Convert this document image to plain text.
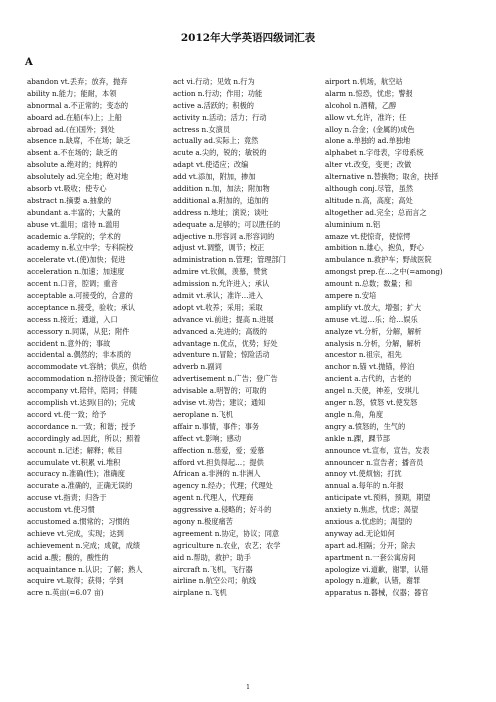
2012年大学英语四级词汇表
A
abandon vt.丢弃；放弃，抛弃
ability n.能力；能耐，本领
abnormal a.不正常的；变态的
aboard ad.在船(车)上；上船
abroad ad.(在)国外；到处
absence n.缺席，不在场；缺乏
absent a.不在场的；缺乏的
absolute a.绝对的；纯粹的
absolutely ad.完全地；绝对地
absorb vt.吸收；使专心
abstract n.摘要 a.抽象的
abundant a.丰富的；大量的
abuse vt.滥用；虐待 n.滥用
academic a.学院的；学术的
academy n.私立中学；专科院校
accelerate vt.(使)加快；促进
acceleration n.加速；加速度
accent n.口音，腔调；重音
acceptable a.可接受的，合意的
acceptance n.接受，验收；承认
access n.接近；通道，入口
accessory n.同谋，从犯；附件
accident n.意外的；事故
accidental a.偶然的；非本质的
accommodate vt.容纳；供应，供给
accommodation n.招待设备；预定铺位
accompany vt.陪伴，陪同；伴随
accomplish vt.达到(目的)；完成
accord vt.使一致；给予
accordance n.一致；和谐；授予
accordingly ad.因此，所以；照着
account n.记述；解释；帐目
accumulate vt.积累 vi.堆积
accuracy n.准确(性)；准确度
accurate a.准确的，正确无误的
accuse vt.指责；归咎于
accustom vt.使习惯
accustomed a.惯常的；习惯的
achieve vt.完成，实现；达到
achievement n.完成；成就，成绩
acid a.酸；酸的，酸性的
acquaintance n.认识；了解；熟人
acquire vt.取得；获得；学到
acre n.英亩(=6.07 亩)
act vi.行动；见效 n.行为
action n.行动；作用；功能
active a.活跃的；积极的
activity n.活动；活力；行动
actress n.女演员
actually ad.实际上；竟然
acute a.尖的，锐的；敏锐的
adapt vt.使适应；改编
add vt.添加，附加，掺加
addition n.加，加法；附加物
additional a.附加的，追加的
address n.地址；演说；谈吐
adequate a.足够的；可以胜任的
adjective n.形容词 a.形容词的
adjust vt.调整，调节；校正
administration n.管理；管理部门
admire vt.钦佩，羡慕，赞赏
admission n.允许进入；承认
admit vt.承认；准许…进入
adopt vt.收养；采用；采取
advance vi.前进；提高 n.进展
advanced a.先进的；高级的
advantage n.优点，优势；好处
adventure n.冒险；惊险活动
adverb n.副词
advertisement n.广告；登广告
advisable a.明智的；可取的
advise vt.劝告；建议；通知
aeroplane n.飞机
affair n.事情，事件；事务
affect vt.影响；感动
affection n.慈爱，爱；爱慕
afford vt.担负得起…；提供
African a.非洲的 n.非洲人
agency n.经办；代理；代理处
agent n.代理人，代理商
aggressive a.侵略的；好斗的
agony n.极度痛苦
agreement n.协定，协议；同意
agriculture n.农业，农艺；农学
aid n.帮助，救护；助手
aircraft n.飞机，飞行器
airline n.航空公司；航线
airplane n.飞机
airport n.机场，航空站
alarm n.惊恐，忧虑；警报
alcohol n.酒精，乙醇
allow vt.允许，准许；任
alloy n.合金；(金属的)成色
alone a.单独的 ad.单独地
alphabet n.字母表，字母系统
alter vt.改变，变更；改做
alternative n.替换物；取舍，抉择
although conj.尽管，虽然
altitude n.高，高度；高处
altogether ad.完全；总而言之
aluminium n.铝
amaze vt.使惊奇，使惊愕
ambition n.雄心，抱负，野心
ambulance n.救护车；野战医院
amongst prep.在…之中(=among)
amount n.总数；数量；和
ampere n.安培
amplify vt.放大，增强；扩大
amuse vt.逗…乐；给…娱乐
analyze vt.分析，分解，解析
analysis n.分析，分解，解析
ancestor n.祖宗，祖先
anchor n.锚 vt.抛锚，停泊
ancient a.古代的，古老的
angel n.天使，神差，安琪儿
anger n.怒，愤怒 vt.使发怒
angle n.角，角度
angry a.愤怒的，生气的
ankle n.踝，踝节部
announce vt.宣布，宣告，发表
announcer n.宣告者；播音员
annoy vt.使烦恼；打扰
annual a.每年的 n.年报
anticipate vt.预料，预期，期望
anxiety n.焦虑，忧虑；渴望
anxious a.忧虑的；渴望的
anyway ad.无论如何
apart ad.相隔；分开；除去
apartment n.一套公寓房间
apologize vi.道歉，谢罪，认错
apology n.道歉，认错，谢罪
apparatus n.器械，仪器；器官
1
